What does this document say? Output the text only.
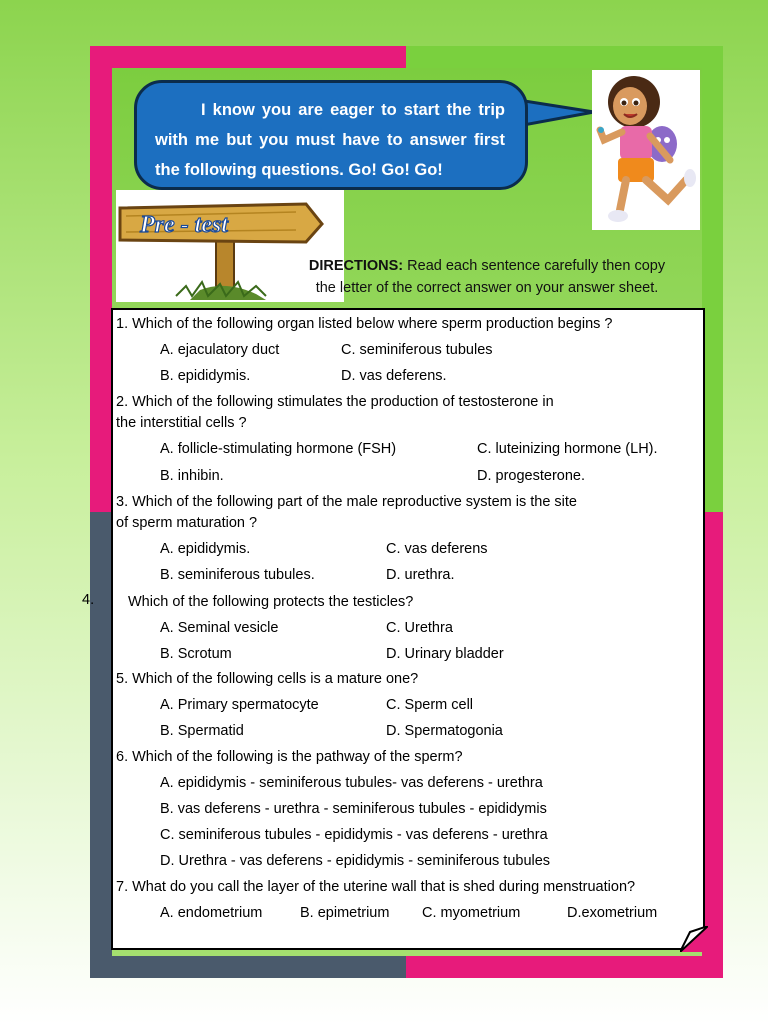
I know you are eager to start the trip with me but you must have to answer first the following questions. Go! Go! Go!
Pre - test
DIRECTIONS: Read each sentence carefully then copy
the letter of the correct answer on your answer sheet.
1. Which of the following organ listed below where sperm production begins ?
A. ejaculatory duct	C. seminiferous tubules
B. epididymis.	D. vas deferens.
2. Which of the following stimulates the production of testosterone in
the interstitial cells ?
A. follicle-stimulating hormone (FSH)	C. luteinizing hormone (LH).
B. inhibin.	D. progesterone.
3. Which of the following part of the male reproductive system is the site
of sperm maturation ?
A. epididymis.	C. vas deferens
B. seminiferous tubules.	D. urethra.
4. Which of the following protects the testicles?
A. Seminal vesicle	C. Urethra
B. Scrotum	D. Urinary bladder
5. Which of the following cells is a mature one?
A. Primary spermatocyte	C. Sperm cell
B. Spermatid	D. Spermatogonia
6. Which of the following is the pathway of the sperm?
A. epididymis - seminiferous tubules- vas deferens - urethra
B. vas deferens - urethra - seminiferous tubules - epididymis
C. seminiferous tubules - epididymis - vas deferens - urethra
D. Urethra - vas deferens - epididymis - seminiferous tubules
7. What do you call the layer of the uterine wall that is shed during menstruation?
A. endometrium	B. epimetrium C. myometrium	D.exometrium
